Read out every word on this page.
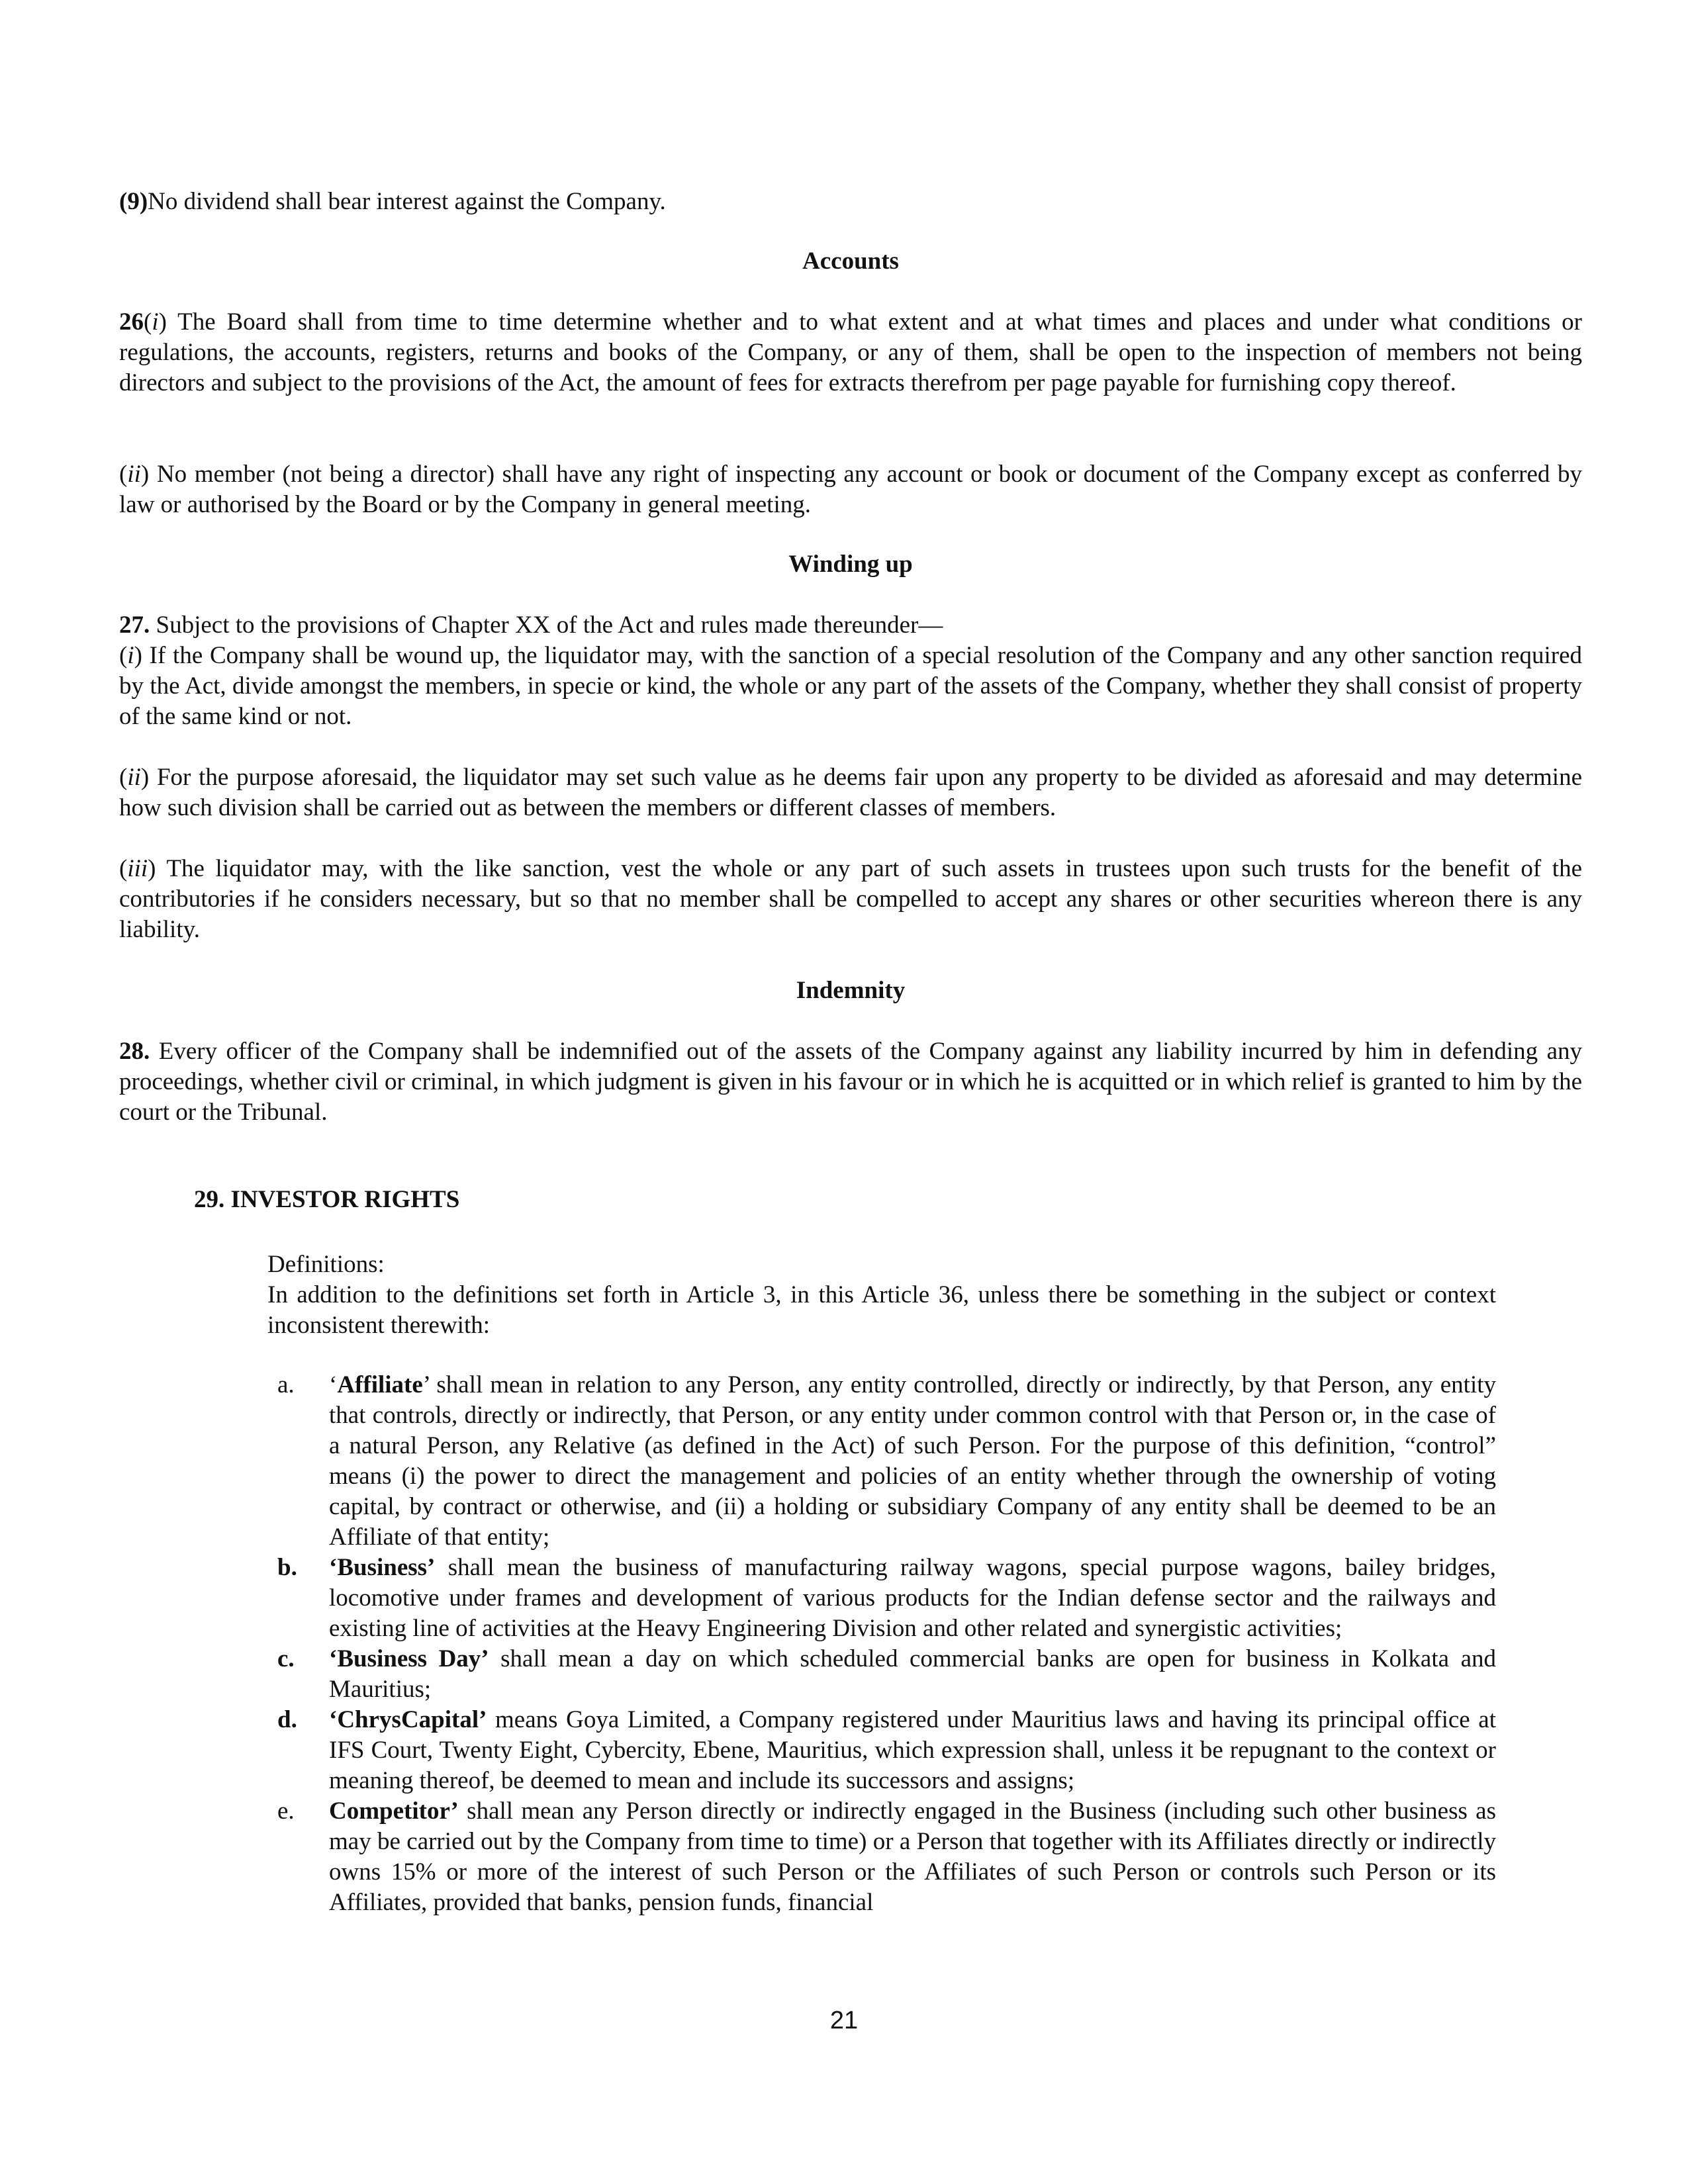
(9)No dividend shall bear interest against the Company.

Accounts

26(i) The Board shall from time to time determine whether and to what extent and at what times and places and under what conditions or regulations, the accounts, registers, returns and books of the Company, or any of them, shall be open to the inspection of members not being directors and subject to the provisions of the Act, the amount of fees for extracts therefrom per page payable for furnishing copy thereof.

(ii) No member (not being a director) shall have any right of inspecting any account or book or document of the Company except as conferred by law or authorised by the Board or by the Company in general meeting.

Winding up

27. Subject to the provisions of Chapter XX of the Act and rules made thereunder—

(i) If the Company shall be wound up, the liquidator may, with the sanction of a special resolution of the Company and any other sanction required by the Act, divide amongst the members, in specie or kind, the whole or any part of the assets of the Company, whether they shall consist of property of the same kind or not.

(ii) For the purpose aforesaid, the liquidator may set such value as he deems fair upon any property to be divided as aforesaid and may determine how such division shall be carried out as between the members or different classes of members.

(iii) The liquidator may, with the like sanction, vest the whole or any part of such assets in trustees upon such trusts for the benefit of the contributories if he considers necessary, but so that no member shall be compelled to accept any shares or other securities whereon there is any liability.

Indemnity

28. Every officer of the Company shall be indemnified out of the assets of the Company against any liability incurred by him in defending any proceedings, whether civil or criminal, in which judgment is given in his favour or in which he is acquitted or in which relief is granted to him by the court or the Tribunal.

29. INVESTOR RIGHTS

Definitions:

In addition to the definitions set forth in Article 3, in this Article 36, unless there be something in the subject or context inconsistent therewith:

a. ‘Affiliate’ shall mean in relation to any Person, any entity controlled, directly or indirectly, by that Person, any entity that controls, directly or indirectly, that Person, or any entity under common control with that Person or, in the case of a natural Person, any Relative (as defined in the Act) of such Person. For the purpose of this definition, “control” means (i) the power to direct the management and policies of an entity whether through the ownership of voting capital, by contract or otherwise, and (ii) a holding or subsidiary Company of any entity shall be deemed to be an Affiliate of that entity;
b. ‘Business’ shall mean the business of manufacturing railway wagons, special purpose wagons, bailey bridges, locomotive under frames and development of various products for the Indian defense sector and the railways and existing line of activities at the Heavy Engineering Division and other related and synergistic activities;
c. ‘Business Day’ shall mean a day on which scheduled commercial banks are open for business in Kolkata and Mauritius;
d. ‘ChrysCapital’ means Goya Limited, a Company registered under Mauritius laws and having its principal office at IFS Court, Twenty Eight, Cybercity, Ebene, Mauritius, which expression shall, unless it be repugnant to the context or meaning thereof, be deemed to mean and include its successors and assigns;
e. Competitor’ shall mean any Person directly or indirectly engaged in the Business (including such other business as may be carried out by the Company from time to time) or a Person that together with its Affiliates directly or indirectly owns 15% or more of the interest of such Person or the Affiliates of such Person or controls such Person or its Affiliates, provided that banks, pension funds, financial
21
